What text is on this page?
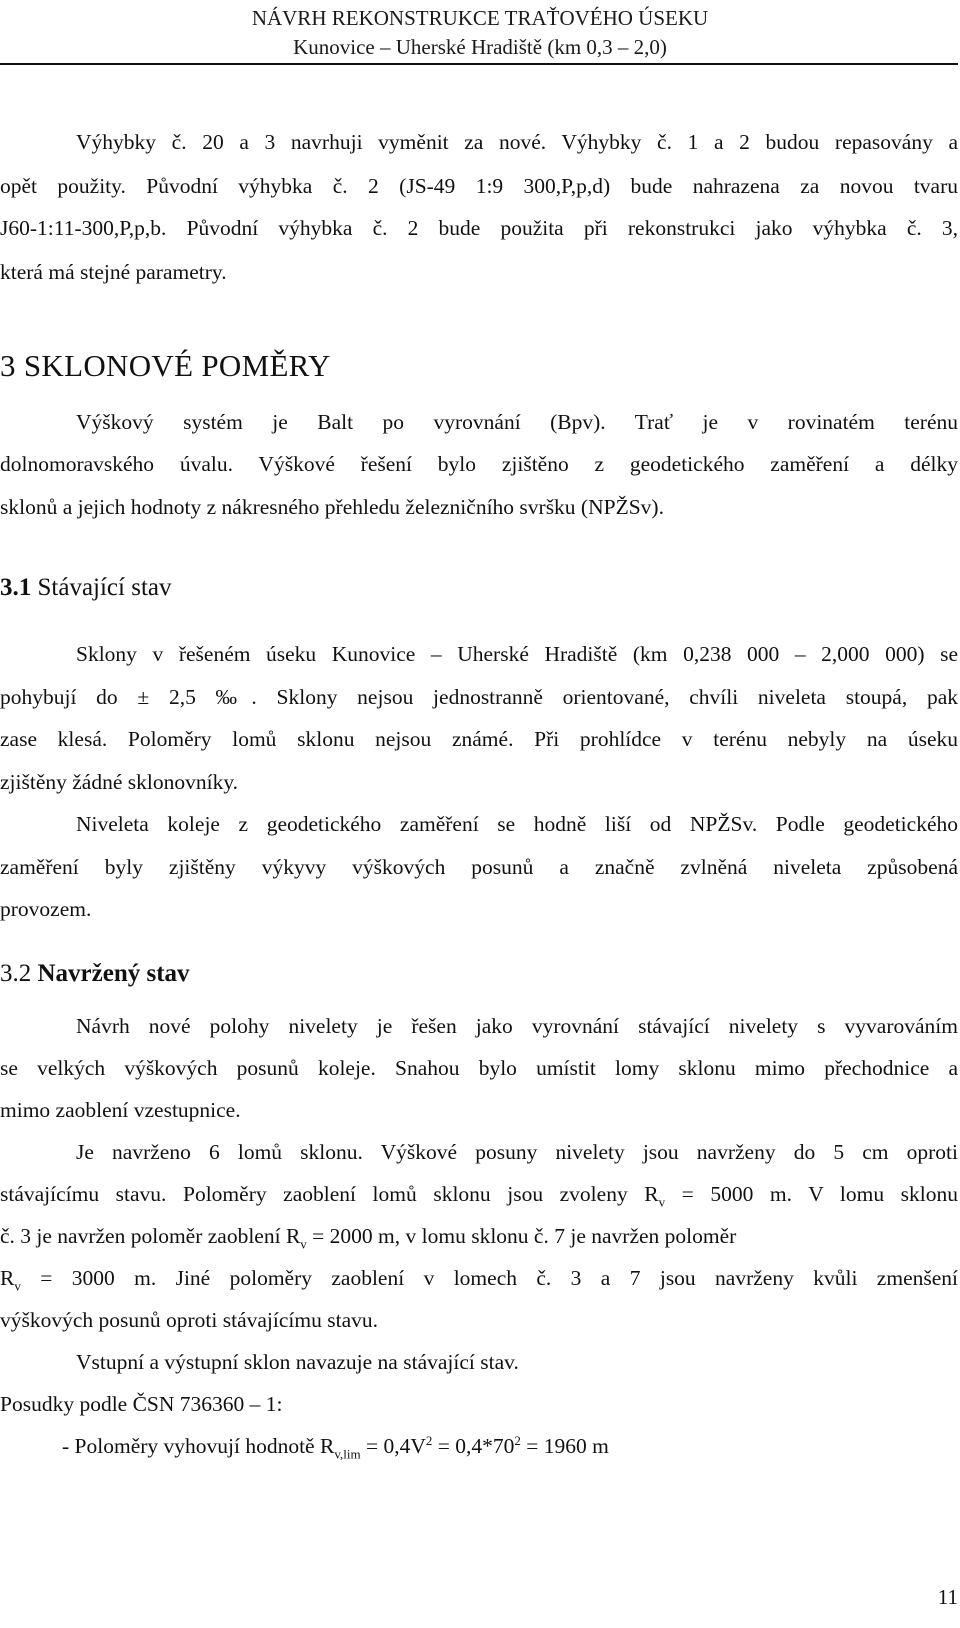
NÁVRH REKONSTRUKCE TRAŤOVÉHO ÚSEKU
Kunovice – Uherské Hradiště (km 0,3 – 2,0)
Výhybky č. 20 a 3 navrhuji vyměnit za nové. Výhybky č. 1 a 2 budou repasovány a
opět použity. Původní výhybka č. 2 (JS-49 1:9 300,P,p,d) bude nahrazena za novou tvaru
J60-1:11-300,P,p,b. Původní výhybka č. 2 bude použita při rekonstrukci jako výhybka č. 3,
která má stejné parametry.
3 SKLONOVÉ POMĚRY
Výškový systém je Balt po vyrovnání (Bpv). Trať je v rovinatém terénu
dolnomoravského úvalu. Výškové řešení bylo zjištěno z geodetického zaměření a délky
sklonů a jejich hodnoty z nákresného přehledu železničního svršku (NPŽSv).
3.1 Stávající stav
Sklony v řešeném úseku Kunovice – Uherské Hradiště (km 0,238 000 – 2,000 000) se
pohybují do ± 2,5 ‰. Sklony nejsou jednostranně orientované, chvíli niveleta stoupá, pak
zase klesá. Poloměry lomů sklonu nejsou známé. Při prohlídce v terénu nebyly na úseku
zjištěny žádné sklonovníky.
Niveleta koleje z geodetického zaměření se hodně liší od NPŽSv. Podle geodetického
zaměření byly zjištěny výkyvy výškových posunů a značně zvlněná niveleta způsobená
provozem.
3.2 Navržený stav
Návrh nové polohy nivelety je řešen jako vyrovnání stávající nivelety s vyvarováním
se velkých výškových posunů koleje. Snahou bylo umístit lomy sklonu mimo přechodnice a
mimo zaoblení vzestupnice.
Je navrženo 6 lomů sklonu. Výškové posuny nivelety jsou navrženy do 5 cm oproti
stávajícímu stavu. Poloměry zaoblení lomů sklonu jsou zvoleny $R_v = 5000$ m. V lomu sklonu
č. 3 je navržen poloměr zaoblení $R_v = 2000$ m, v lomu sklonu č. 7 je navržen poloměr
$R_v = 3000$ m. Jiné poloměry zaoblení v lomech č. 3 a 7 jsou navrženy kvůli zmenšení
výškových posunů oproti stávajícímu stavu.
Vstupní a výstupní sklon navazuje na stávající stav.
Posudky podle ČSN 736360 – 1:
- Poloměry vyhovují hodnotě $R_{v,lim} = 0,4V^2 = 0,4*70^2 = 1960$ m
11
